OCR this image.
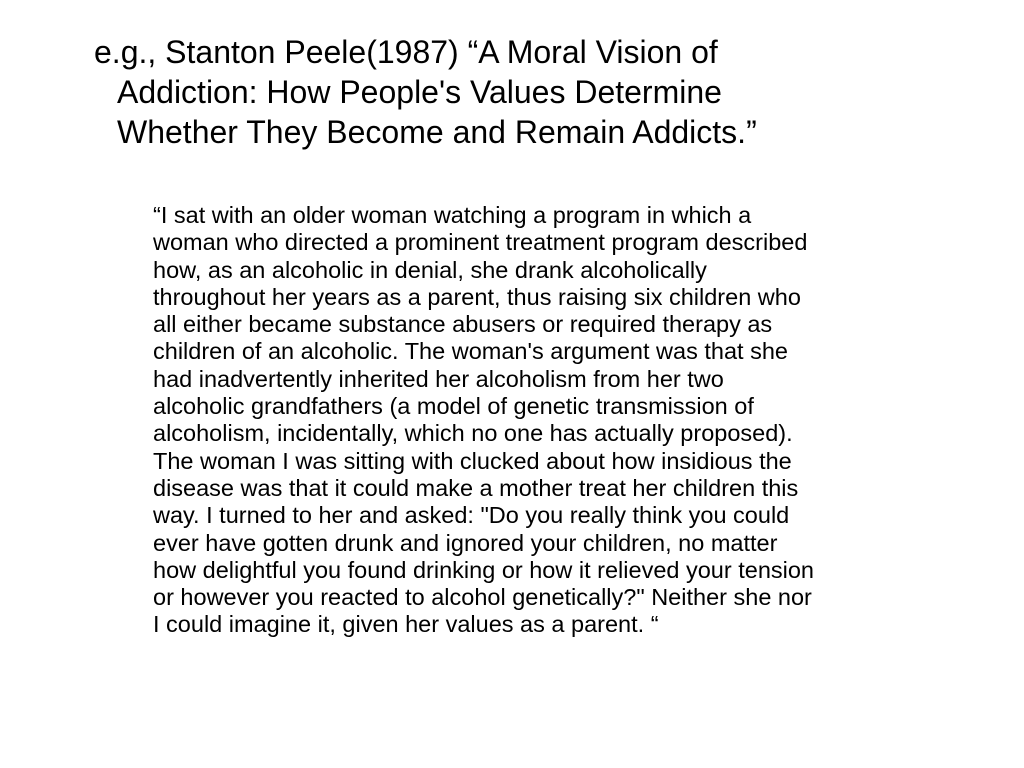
e.g., Stanton Peele(1987) “A Moral Vision of
Addiction: How People's Values Determine
Whether They Become and Remain Addicts.”

“I sat with an older woman watching a program in which a
woman who directed a prominent treatment program described
how, as an alcoholic in denial, she drank alcoholically
throughout her years as a parent, thus raising six children who
all either became substance abusers or required therapy as
children of an alcoholic. The woman's argument was that she
had inadvertently inherited her alcoholism from her two
alcoholic grandfathers (a model of genetic transmission of
alcoholism, incidentally, which no one has actually proposed).
The woman I was sitting with clucked about how insidious the
disease was that it could make a mother treat her children this
way. I turned to her and asked: "Do you really think you could
ever have gotten drunk and ignored your children, no matter
how delightful you found drinking or how it relieved your tension
or however you reacted to alcohol genetically?" Neither she nor
I could imagine it, given her values as a parent. “
